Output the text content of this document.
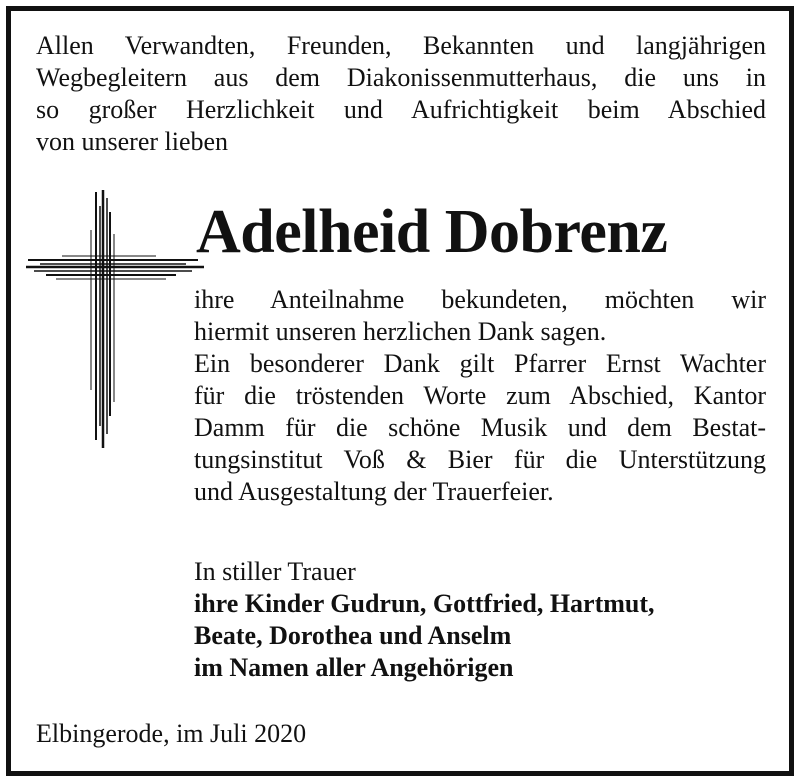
Allen Verwandten, Freunden, Bekannten und langjährigen
Wegbegleitern aus dem Diakonissenmutterhaus, die uns in
so großer Herzlichkeit und Aufrichtigkeit beim Abschied
von unserer lieben

Adelheid Dobrenz

ihre Anteilnahme bekundeten, möchten wir
hiermit unseren herzlichen Dank sagen.
Ein besonderer Dank gilt Pfarrer Ernst Wachter
für die tröstenden Worte zum Abschied, Kantor
Damm für die schöne Musik und dem Bestat-
tungsinstitut Voß & Bier für die Unterstützung
und Ausgestaltung der Trauerfeier.

In stiller Trauer
ihre Kinder Gudrun, Gottfried, Hartmut,
Beate, Dorothea und Anselm
im Namen aller Angehörigen

Elbingerode, im Juli 2020
